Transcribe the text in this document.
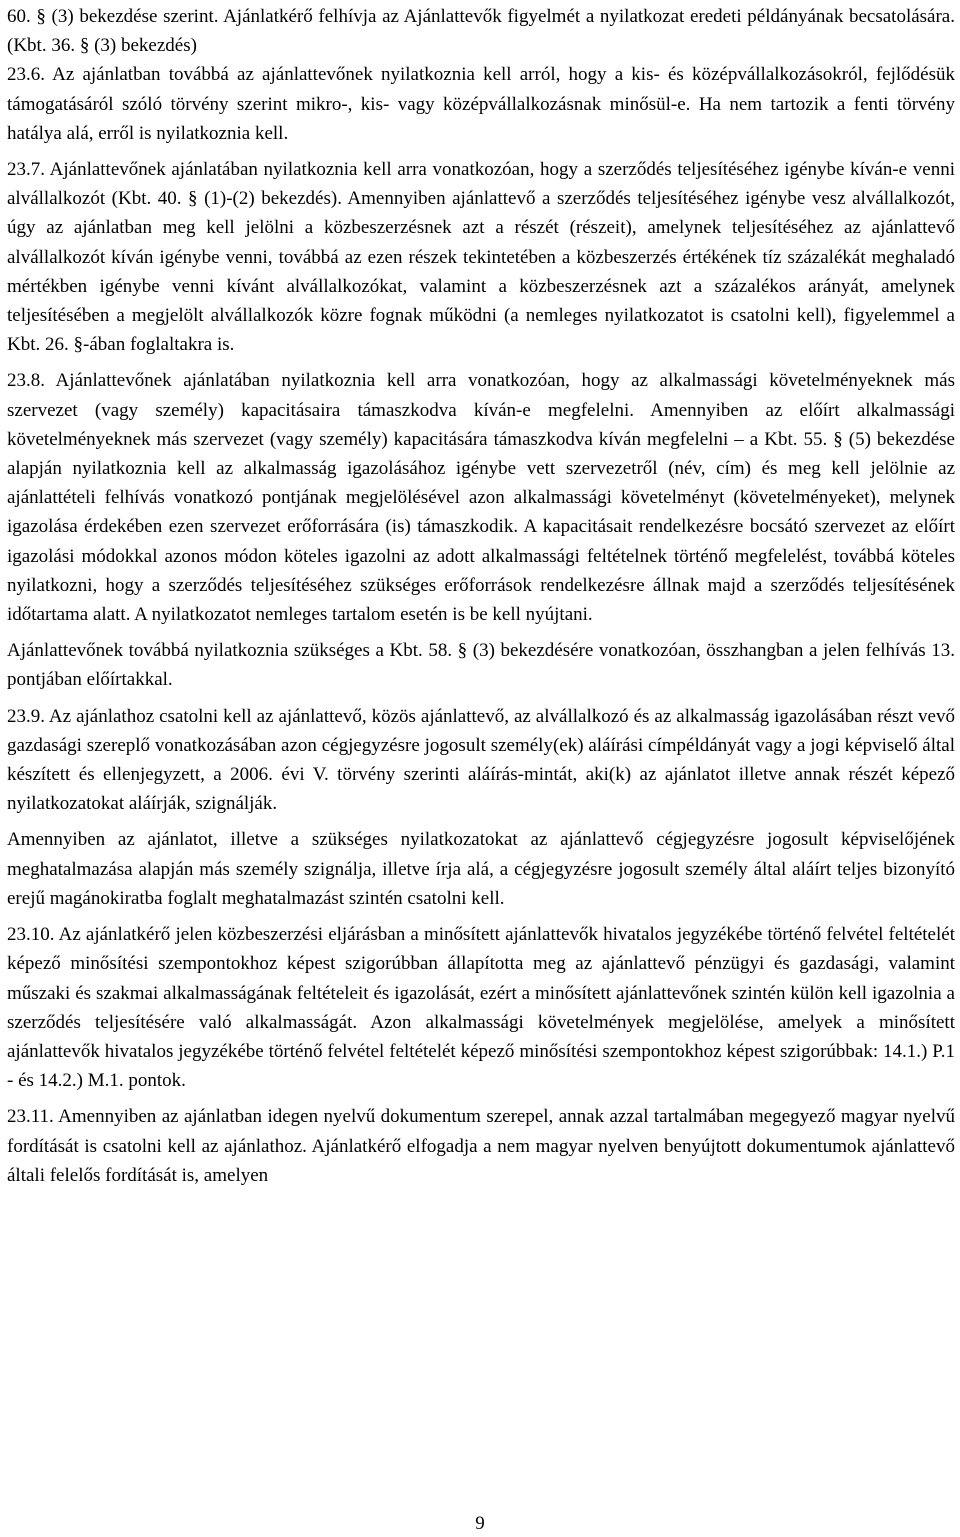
60. § (3) bekezdése szerint. Ajánlatkérő felhívja az Ajánlattevők figyelmét a nyilatkozat eredeti példányának becsatolására. (Kbt. 36. § (3) bekezdés)

23.6. Az ajánlatban továbbá az ajánlattevőnek nyilatkoznia kell arról, hogy a kis- és középvállalkozásokról, fejlődésük támogatásáról szóló törvény szerint mikro-, kis- vagy középvállalkozásnak minősül-e. Ha nem tartozik a fenti törvény hatálya alá, erről is nyilatkoznia kell.

23.7. Ajánlattevőnek ajánlatában nyilatkoznia kell arra vonatkozóan, hogy a szerződés teljesítéséhez igénybe kíván-e venni alvállalkozót (Kbt. 40. § (1)-(2) bekezdés). Amennyiben ajánlattevő a szerződés teljesítéséhez igénybe vesz alvállalkozót, úgy az ajánlatban meg kell jelölni a közbeszerzésnek azt a részét (részeit), amelynek teljesítéséhez az ajánlattevő alvállalkozót kíván igénybe venni, továbbá az ezen részek tekintetében a közbeszerzés értékének tíz százalékát meghaladó mértékben igénybe venni kívánt alvállalkozókat, valamint a közbeszerzésnek azt a százalékos arányát, amelynek teljesítésében a megjelölt alvállalkozók közre fognak működni (a nemleges nyilatkozatot is csatolni kell), figyelemmel a Kbt. 26. §-ában foglaltakra is.

23.8. Ajánlattevőnek ajánlatában nyilatkoznia kell arra vonatkozóan, hogy az alkalmassági követelményeknek más szervezet (vagy személy) kapacitásaira támaszkodva kíván-e megfelelni. Amennyiben az előírt alkalmassági követelményeknek más szervezet (vagy személy) kapacitására támaszkodva kíván megfelelni – a Kbt. 55. § (5) bekezdése alapján nyilatkoznia kell az alkalmasság igazolásához igénybe vett szervezetről (név, cím) és meg kell jelölnie az ajánlattételi felhívás vonatkozó pontjának megjelölésével azon alkalmassági követelményt (követelményeket), melynek igazolása érdekében ezen szervezet erőforrására (is) támaszkodik. A kapacitásait rendelkezésre bocsátó szervezet az előírt igazolási módokkal azonos módon köteles igazolni az adott alkalmassági feltételnek történő megfelelést, továbbá köteles nyilatkozni, hogy a szerződés teljesítéséhez szükséges erőforrások rendelkezésre állnak majd a szerződés teljesítésének időtartama alatt. A nyilatkozatot nemleges tartalom esetén is be kell nyújtani.

Ajánlattevőnek továbbá nyilatkoznia szükséges a Kbt. 58. § (3) bekezdésére vonatkozóan, összhangban a jelen felhívás 13. pontjában előírtakkal.

23.9. Az ajánlathoz csatolni kell az ajánlattevő, közös ajánlattevő, az alvállalkozó és az alkalmasság igazolásában részt vevő gazdasági szereplő vonatkozásában azon cégjegyzésre jogosult személy(ek) aláírási címpéldányát vagy a jogi képviselő által készített és ellenjegyzett, a 2006. évi V. törvény szerinti aláírás-mintát, aki(k) az ajánlatot illetve annak részét képező nyilatkozatokat aláírják, szignálják.

Amennyiben az ajánlatot, illetve a szükséges nyilatkozatokat az ajánlattevő cégjegyzésre jogosult képviselőjének meghatalmazása alapján más személy szignálja, illetve írja alá, a cégjegyzésre jogosult személy által aláírt teljes bizonyító erejű magánokiratba foglalt meghatalmazást szintén csatolni kell.

23.10. Az ajánlatkérő jelen közbeszerzési eljárásban a minősített ajánlattevők hivatalos jegyzékébe történő felvétel feltételét képező minősítési szempontokhoz képest szigorúbban állapította meg az ajánlattevő pénzügyi és gazdasági, valamint műszaki és szakmai alkalmasságának feltételeit és igazolását, ezért a minősített ajánlattevőnek szintén külön kell igazolnia a szerződés teljesítésére való alkalmasságát. Azon alkalmassági követelmények megjelölése, amelyek a minősített ajánlattevők hivatalos jegyzékébe történő felvétel feltételét képező minősítési szempontokhoz képest szigorúbbak: 14.1.) P.1 - és 14.2.) M.1. pontok.

23.11. Amennyiben az ajánlatban idegen nyelvű dokumentum szerepel, annak azzal tartalmában megegyező magyar nyelvű fordítását is csatolni kell az ajánlathoz. Ajánlatkérő elfogadja a nem magyar nyelven benyújtott dokumentumok ajánlattevő általi felelős fordítását is, amelyen

9
